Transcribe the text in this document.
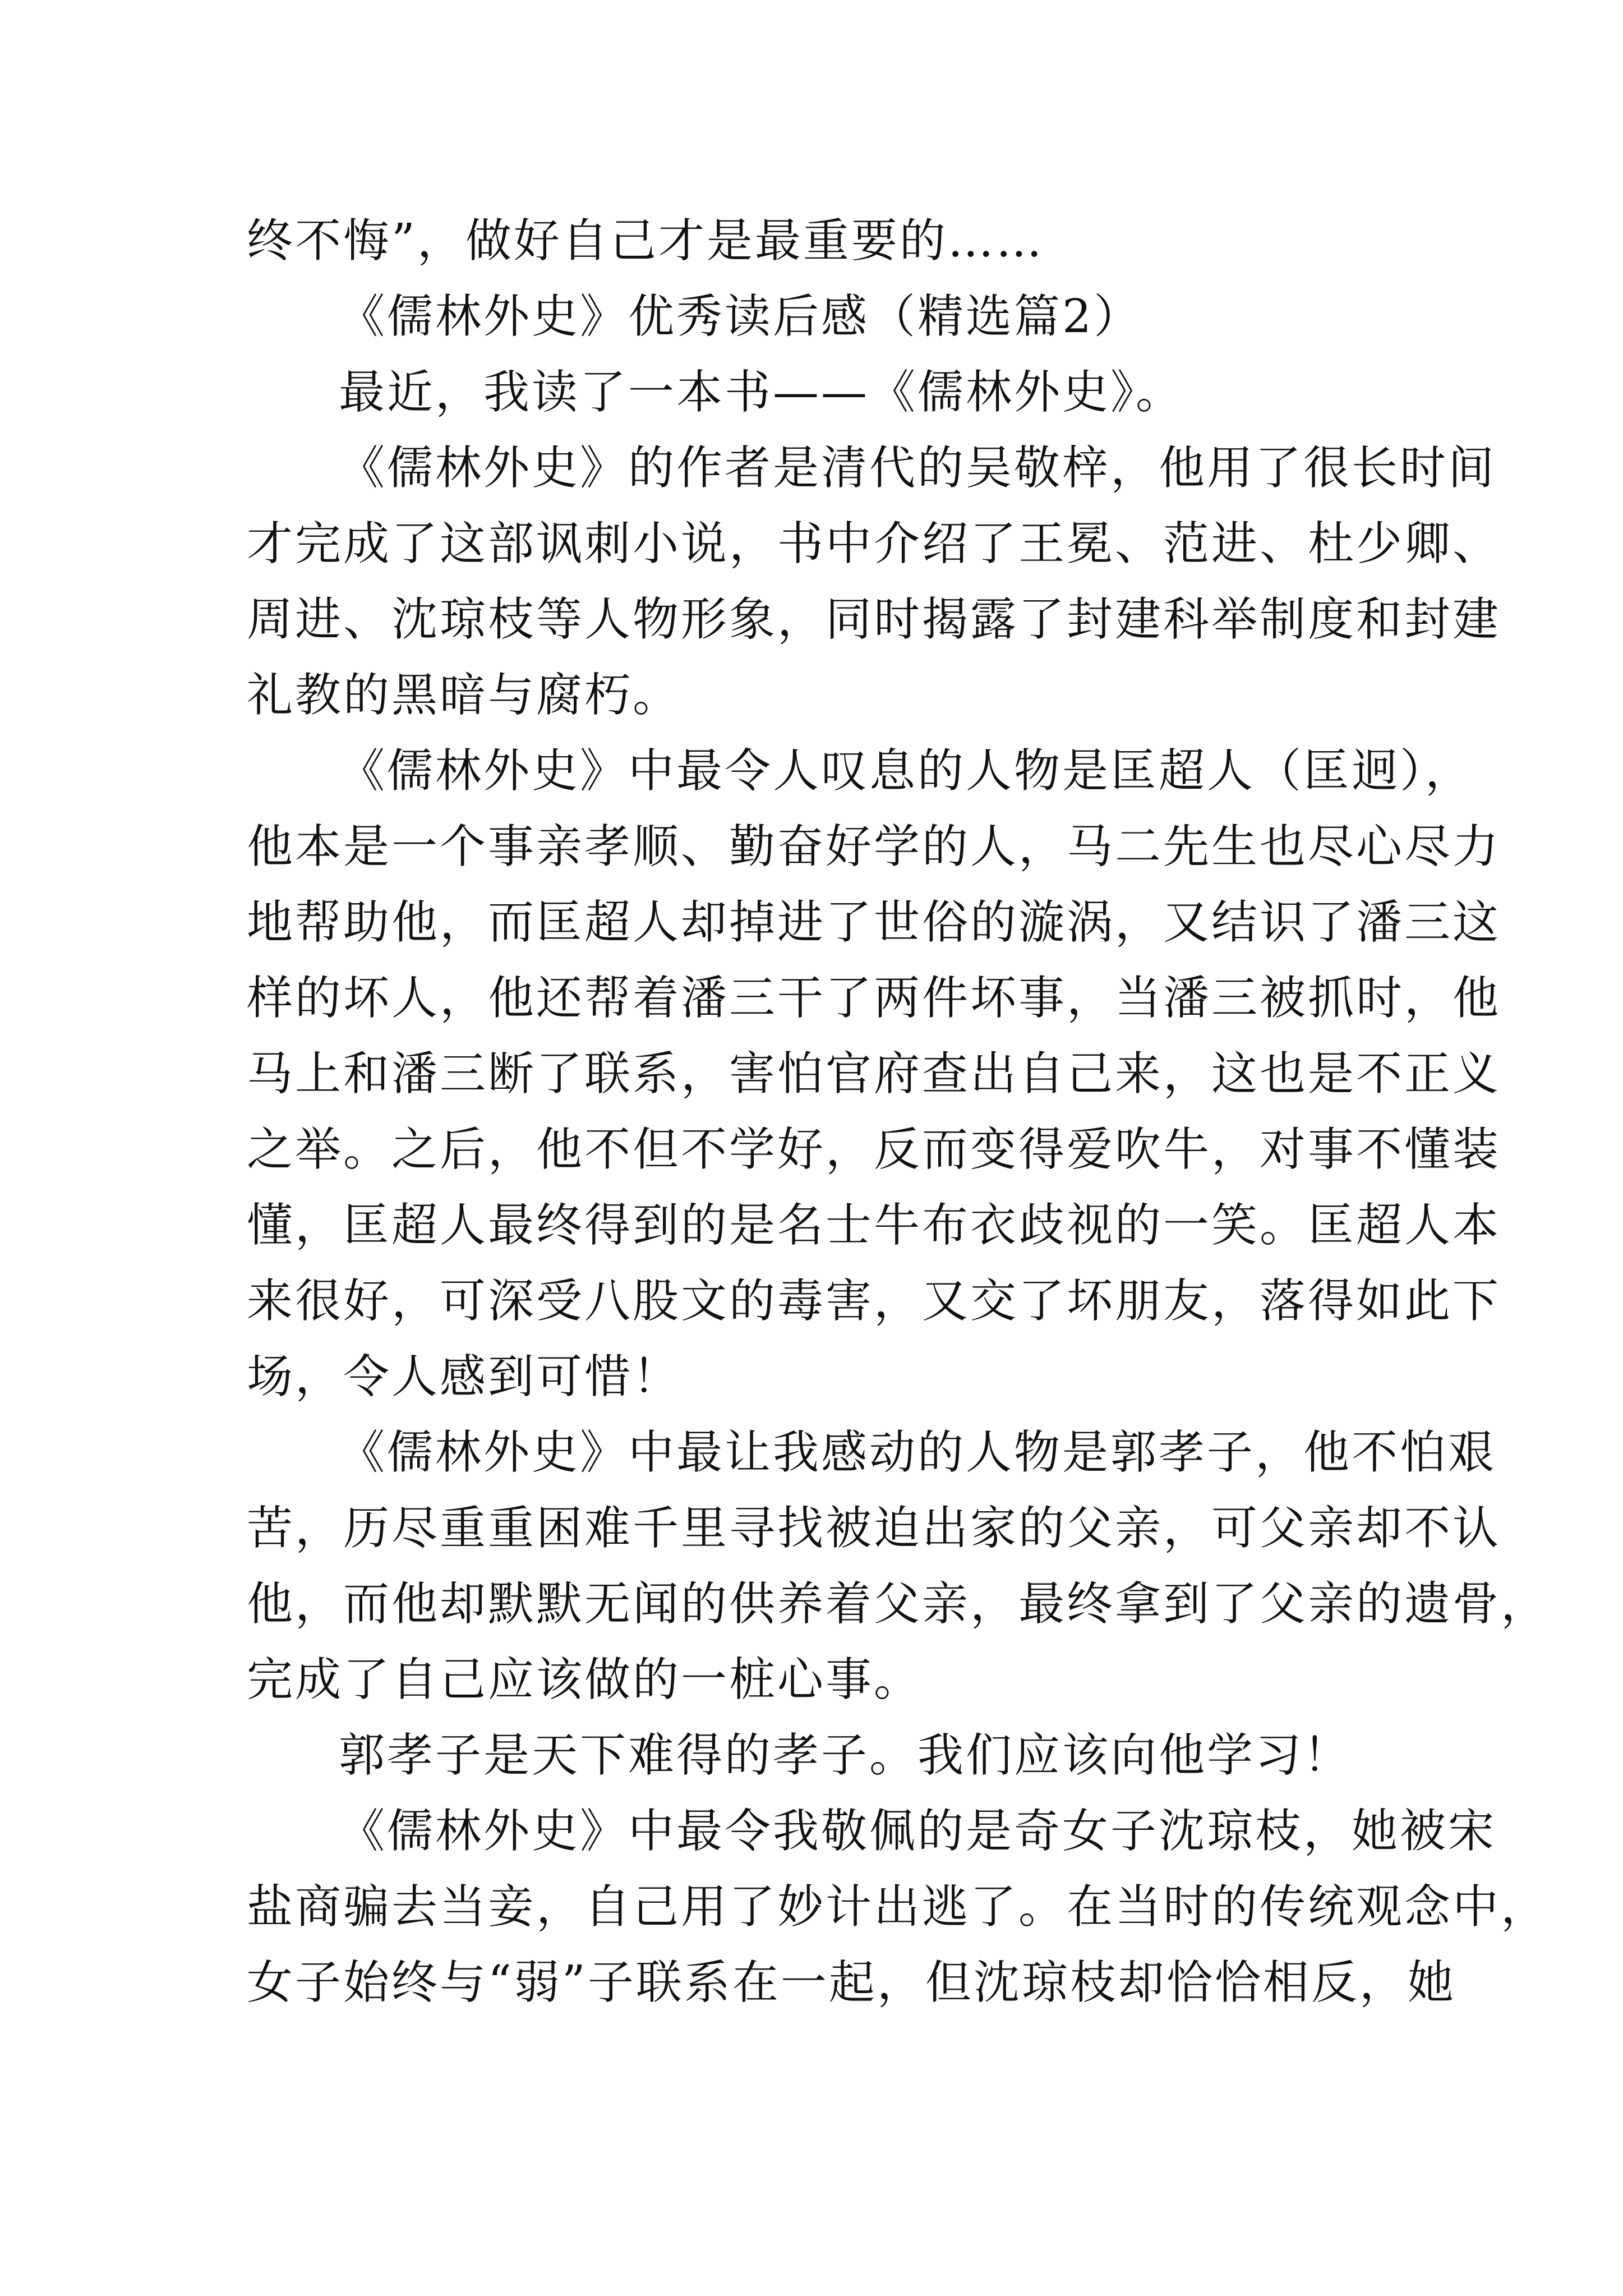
终不悔”，做好自己才是最重要的……
《儒林外史》优秀读后感（精选篇2）
最近，我读了一本书——《儒林外史》。
《儒林外史》的作者是清代的吴敬梓，他用了很长时间
才完成了这部讽刺小说，书中介绍了王冕、范进、杜少卿、
周进、沈琼枝等人物形象，同时揭露了封建科举制度和封建
礼教的黑暗与腐朽。
《儒林外史》中最令人叹息的人物是匡超人（匡迥），
他本是一个事亲孝顺、勤奋好学的人，马二先生也尽心尽力
地帮助他，而匡超人却掉进了世俗的漩涡，又结识了潘三这
样的坏人，他还帮着潘三干了两件坏事，当潘三被抓时，他
马上和潘三断了联系，害怕官府查出自己来，这也是不正义
之举。之后，他不但不学好，反而变得爱吹牛，对事不懂装
懂，匡超人最终得到的是名士牛布衣歧视的一笑。匡超人本
来很好，可深受八股文的毒害，又交了坏朋友，落得如此下
场，令人感到可惜！
《儒林外史》中最让我感动的人物是郭孝子，他不怕艰
苦，历尽重重困难千里寻找被迫出家的父亲，可父亲却不认
他，而他却默默无闻的供养着父亲，最终拿到了父亲的遗骨，
完成了自己应该做的一桩心事。
郭孝子是天下难得的孝子。我们应该向他学习！
《儒林外史》中最令我敬佩的是奇女子沈琼枝，她被宋
盐商骗去当妾，自己用了妙计出逃了。在当时的传统观念中，
女子始终与“弱”子联系在一起，但沈琼枝却恰恰相反，她
